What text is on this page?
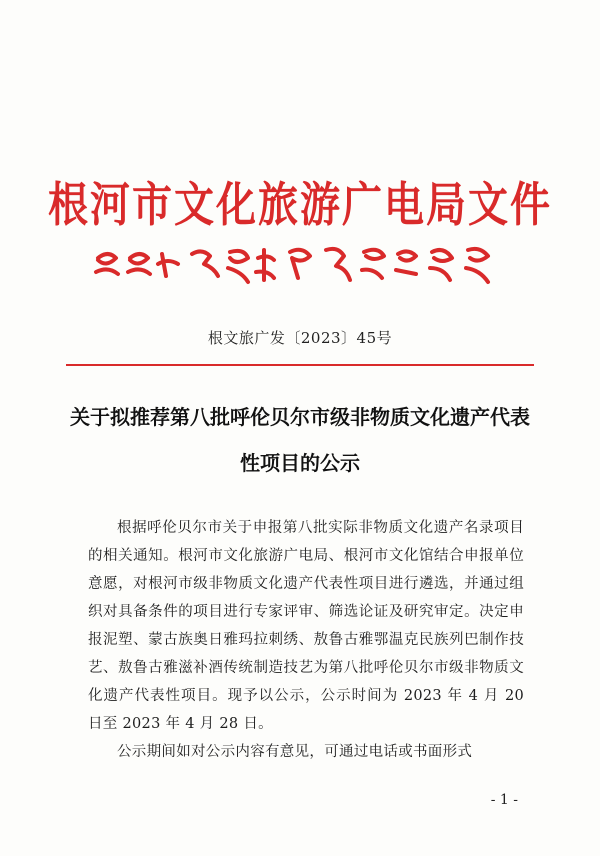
根河市文化旅游广电局文件
根文旅广发〔2023〕45号
关于拟推荐第八批呼伦贝尔市级非物质文化遗产代表性项目的公示

根据呼伦贝尔市关于申报第八批实际非物质文化遗产名录项目的相关通知。根河市文化旅游广电局、根河市文化馆结合申报单位意愿，对根河市级非物质文化遗产代表性项目进行遴选，并通过组织对具备条件的项目进行专家评审、筛选论证及研究审定。决定申报泥塑、蒙古族奥日雅玛拉刺绣、敖鲁古雅鄂温克民族列巴制作技艺、敖鲁古雅滋补酒传统制造技艺为第八批呼伦贝尔市级非物质文化遗产代表性项目。现予以公示，公示时间为 2023 年 4 月 20 日至 2023 年 4 月 28 日。

公示期间如对公示内容有意见，可通过电话或书面形式

- 1 -
